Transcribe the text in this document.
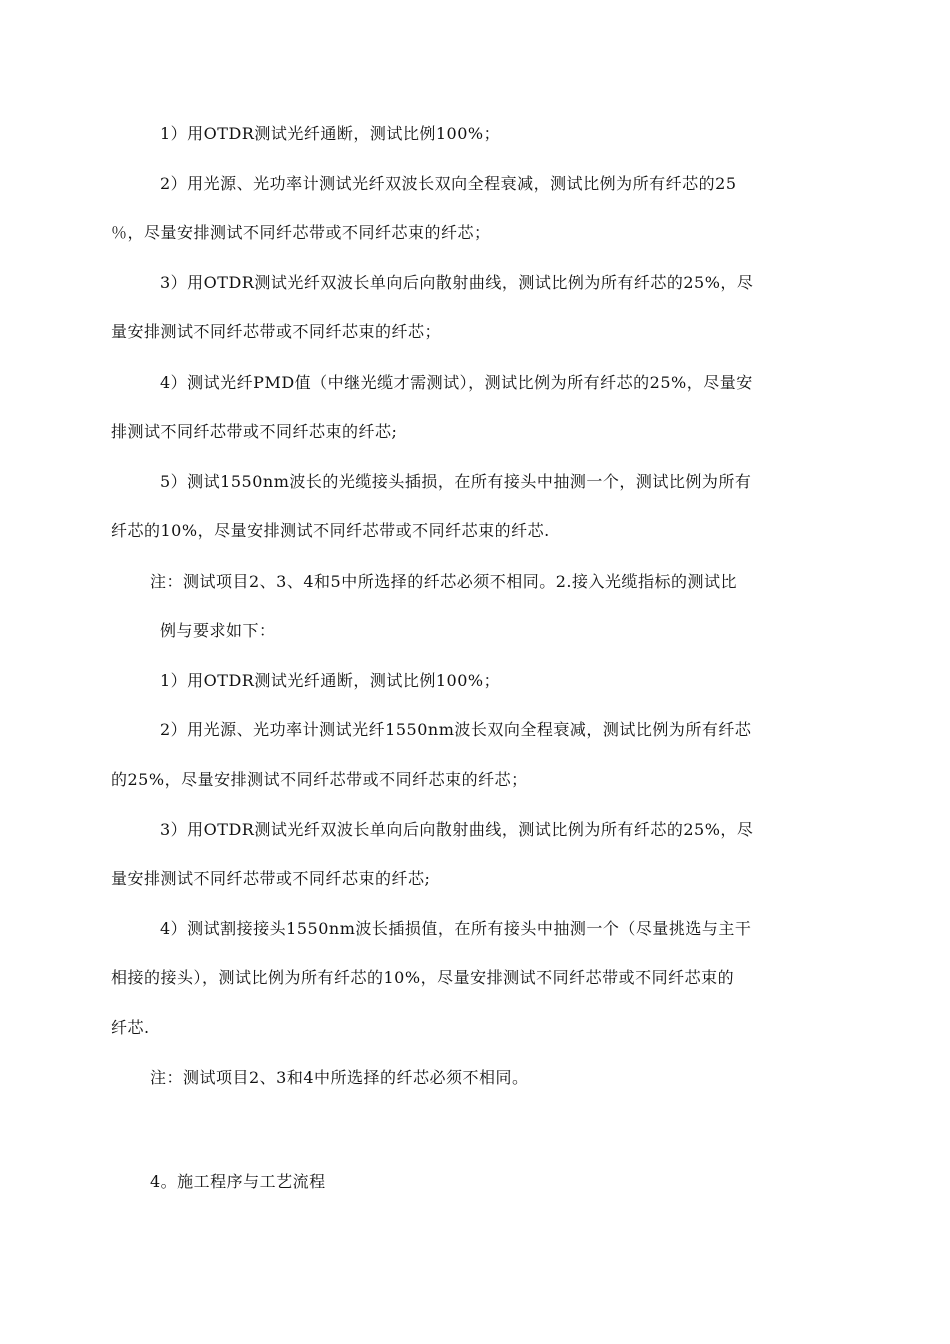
1）用OTDR测试光纤通断，测试比例100%；
2）用光源、光功率计测试光纤双波长双向全程衰减，测试比例为所有纤芯的25
％，尽量安排测试不同纤芯带或不同纤芯束的纤芯；
3）用OTDR测试光纤双波长单向后向散射曲线，测试比例为所有纤芯的25%，尽
量安排测试不同纤芯带或不同纤芯束的纤芯；
4）测试光纤PMD值（中继光缆才需测试），测试比例为所有纤芯的25%，尽量安
排测试不同纤芯带或不同纤芯束的纤芯;
5）测试1550nm波长的光缆接头插损，在所有接头中抽测一个，测试比例为所有
纤芯的10%，尽量安排测试不同纤芯带或不同纤芯束的纤芯.
注：测试项目2、3、4和5中所选择的纤芯必须不相同。2.接入光缆指标的测试比
例与要求如下：
1）用OTDR测试光纤通断，测试比例100%；
2）用光源、光功率计测试光纤1550nm波长双向全程衰减，测试比例为所有纤芯
的25%，尽量安排测试不同纤芯带或不同纤芯束的纤芯；
3）用OTDR测试光纤双波长单向后向散射曲线，测试比例为所有纤芯的25%，尽
量安排测试不同纤芯带或不同纤芯束的纤芯;
4）测试割接接头1550nm波长插损值，在所有接头中抽测一个（尽量挑选与主干
相接的接头），测试比例为所有纤芯的10%，尽量安排测试不同纤芯带或不同纤芯束的
纤芯.
注：测试项目2、3和4中所选择的纤芯必须不相同。
4。施工程序与工艺流程
